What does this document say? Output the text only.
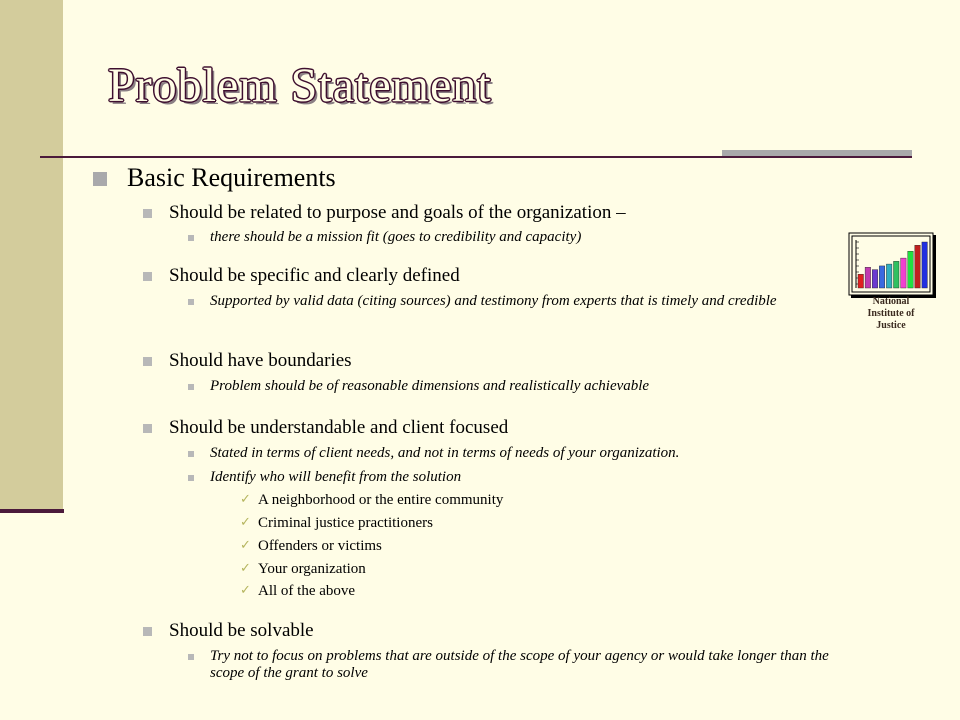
Problem Statement
Basic Requirements
Should be related to purpose and goals of the organization –
there should be a mission fit (goes to credibility and capacity)
Should be specific and clearly defined
Supported by valid data (citing sources) and testimony from experts that is timely and credible
Should have boundaries
Problem should be of reasonable dimensions and realistically achievable
Should be understandable and client focused
Stated in terms of client needs, and not in terms of needs of your organization.
Identify who will benefit from the solution
✓ A neighborhood or the entire community
✓ Criminal justice practitioners
✓ Offenders or victims
✓ Your organization
✓ All of the above
Should be solvable
Try not to focus on problems that are outside of the scope of your agency or would take longer than the scope of the grant to solve
National
Institute of
Justice
